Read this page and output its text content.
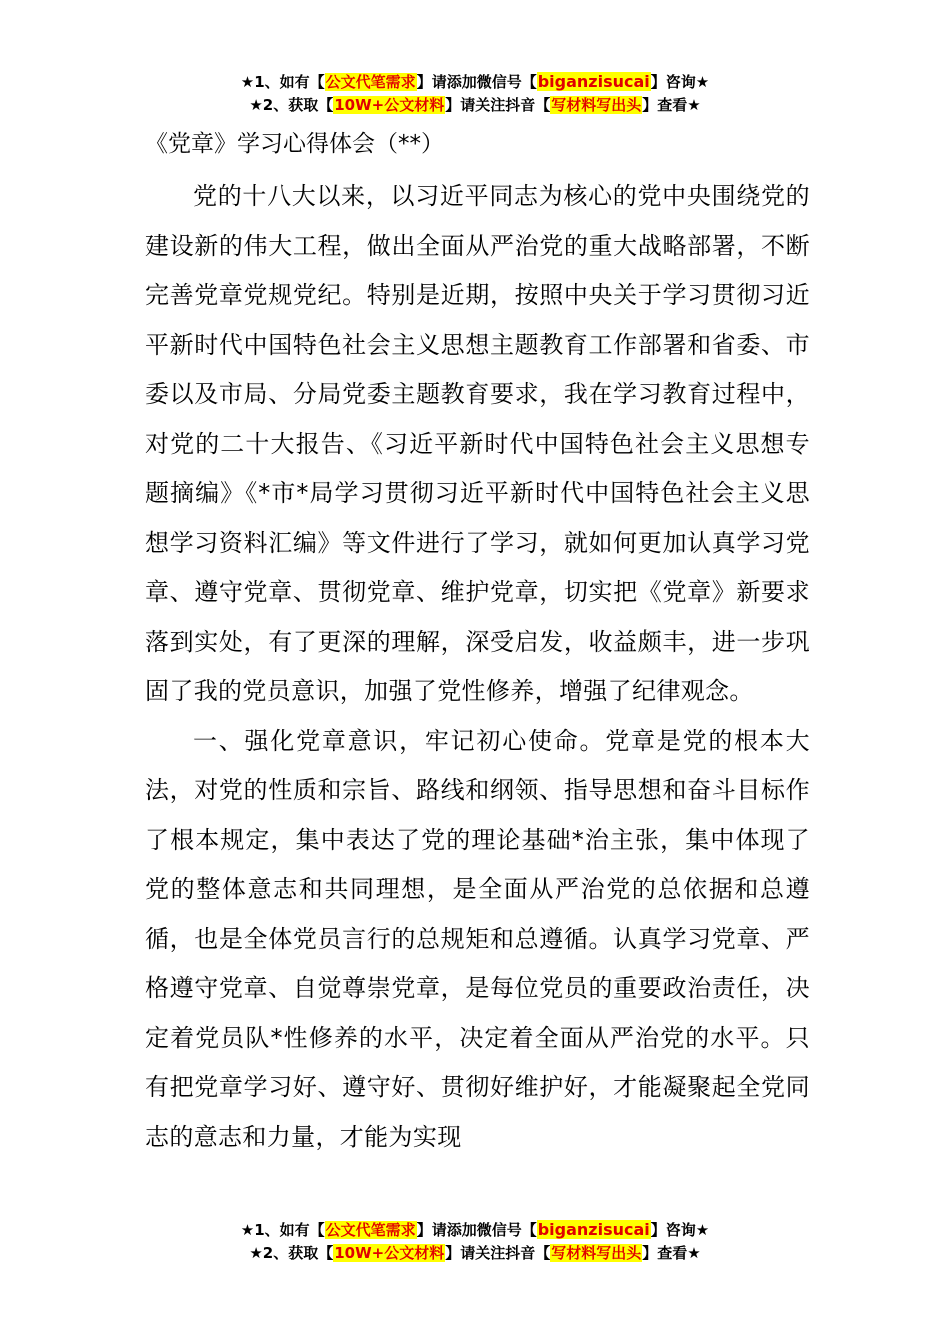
★1、如有【公文代笔需求】请添加微信号【biganzisucai】咨询★
★2、获取【10W+公文材料】请关注抖音【写材料写出头】查看★
《党章》学习心得体会（**）

党的十八大以来，以习近平同志为核心的党中央围绕党的建设新的伟大工程，做出全面从严治党的重大战略部署，不断完善党章党规党纪。特别是近期，按照中央关于学习贯彻习近平新时代中国特色社会主义思想主题教育工作部署和省委、市委以及市局、分局党委主题教育要求，我在学习教育过程中，对党的二十大报告、《习近平新时代中国特色社会主义思想专题摘编》《*市*局学习贯彻习近平新时代中国特色社会主义思想学习资料汇编》等文件进行了学习，就如何更加认真学习党章、遵守党章、贯彻党章、维护党章，切实把《党章》新要求落到实处，有了更深的理解，深受启发，收益颇丰，进一步巩固了我的党员意识，加强了党性修养，增强了纪律观念。

一、强化党章意识，牢记初心使命。党章是党的根本大法，对党的性质和宗旨、路线和纲领、指导思想和奋斗目标作了根本规定，集中表达了党的理论基础*治主张，集中体现了党的整体意志和共同理想，是全面从严治党的总依据和总遵循，也是全体党员言行的总规矩和总遵循。认真学习党章、严格遵守党章、自觉尊崇党章，是每位党员的重要政治责任，决定着党员队*性修养的水平，决定着全面从严治党的水平。只有把党章学习好、遵守好、贯彻好维护好，才能凝聚起全党同志的意志和力量，才能为实现

★1、如有【公文代笔需求】请添加微信号【biganzisucai】咨询★
★2、获取【10W+公文材料】请关注抖音【写材料写出头】查看★
